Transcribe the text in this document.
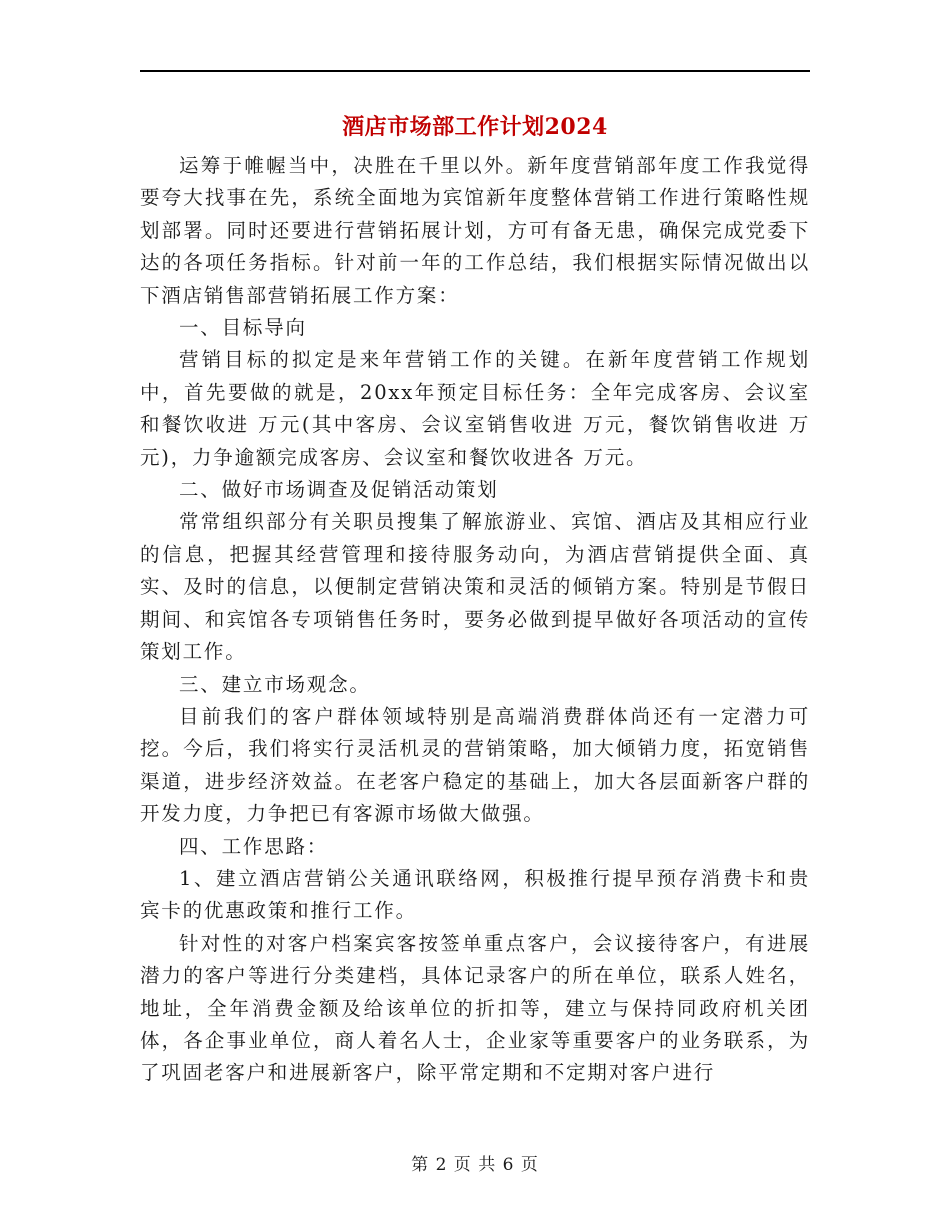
酒店市场部工作计划2024

运筹于帷幄当中，决胜在千里以外。新年度营销部年度工作我觉得要夸大找事在先，系统全面地为宾馆新年度整体营销工作进行策略性规划部署。同时还要进行营销拓展计划，方可有备无患，确保完成党委下达的各项任务指标。针对前一年的工作总结，我们根据实际情况做出以下酒店销售部营销拓展工作方案：

一、目标导向

营销目标的拟定是来年营销工作的关键。在新年度营销工作规划中，首先要做的就是，20xx年预定目标任务：全年完成客房、会议室和餐饮收进 万元(其中客房、会议室销售收进 万元，餐饮销售收进 万元)，力争逾额完成客房、会议室和餐饮收进各 万元。

二、做好市场调查及促销活动策划

常常组织部分有关职员搜集了解旅游业、宾馆、酒店及其相应行业的信息，把握其经营管理和接待服务动向，为酒店营销提供全面、真实、及时的信息，以便制定营销决策和灵活的倾销方案。特别是节假日期间、和宾馆各专项销售任务时，要务必做到提早做好各项活动的宣传策划工作。

三、建立市场观念。

目前我们的客户群体领域特别是高端消费群体尚还有一定潜力可挖。今后，我们将实行灵活机灵的营销策略，加大倾销力度，拓宽销售渠道，进步经济效益。在老客户稳定的基础上，加大各层面新客户群的开发力度，力争把已有客源市场做大做强。

四、工作思路：

1、建立酒店营销公关通讯联络网，积极推行提早预存消费卡和贵宾卡的优惠政策和推行工作。

针对性的对客户档案宾客按签单重点客户，会议接待客户，有进展潜力的客户等进行分类建档，具体记录客户的所在单位，联系人姓名，地址，全年消费金额及给该单位的折扣等，建立与保持同政府机关团体，各企事业单位，商人着名人士，企业家等重要客户的业务联系，为了巩固老客户和进展新客户，除平常定期和不定期对客户进行

第 2 页 共 6 页
